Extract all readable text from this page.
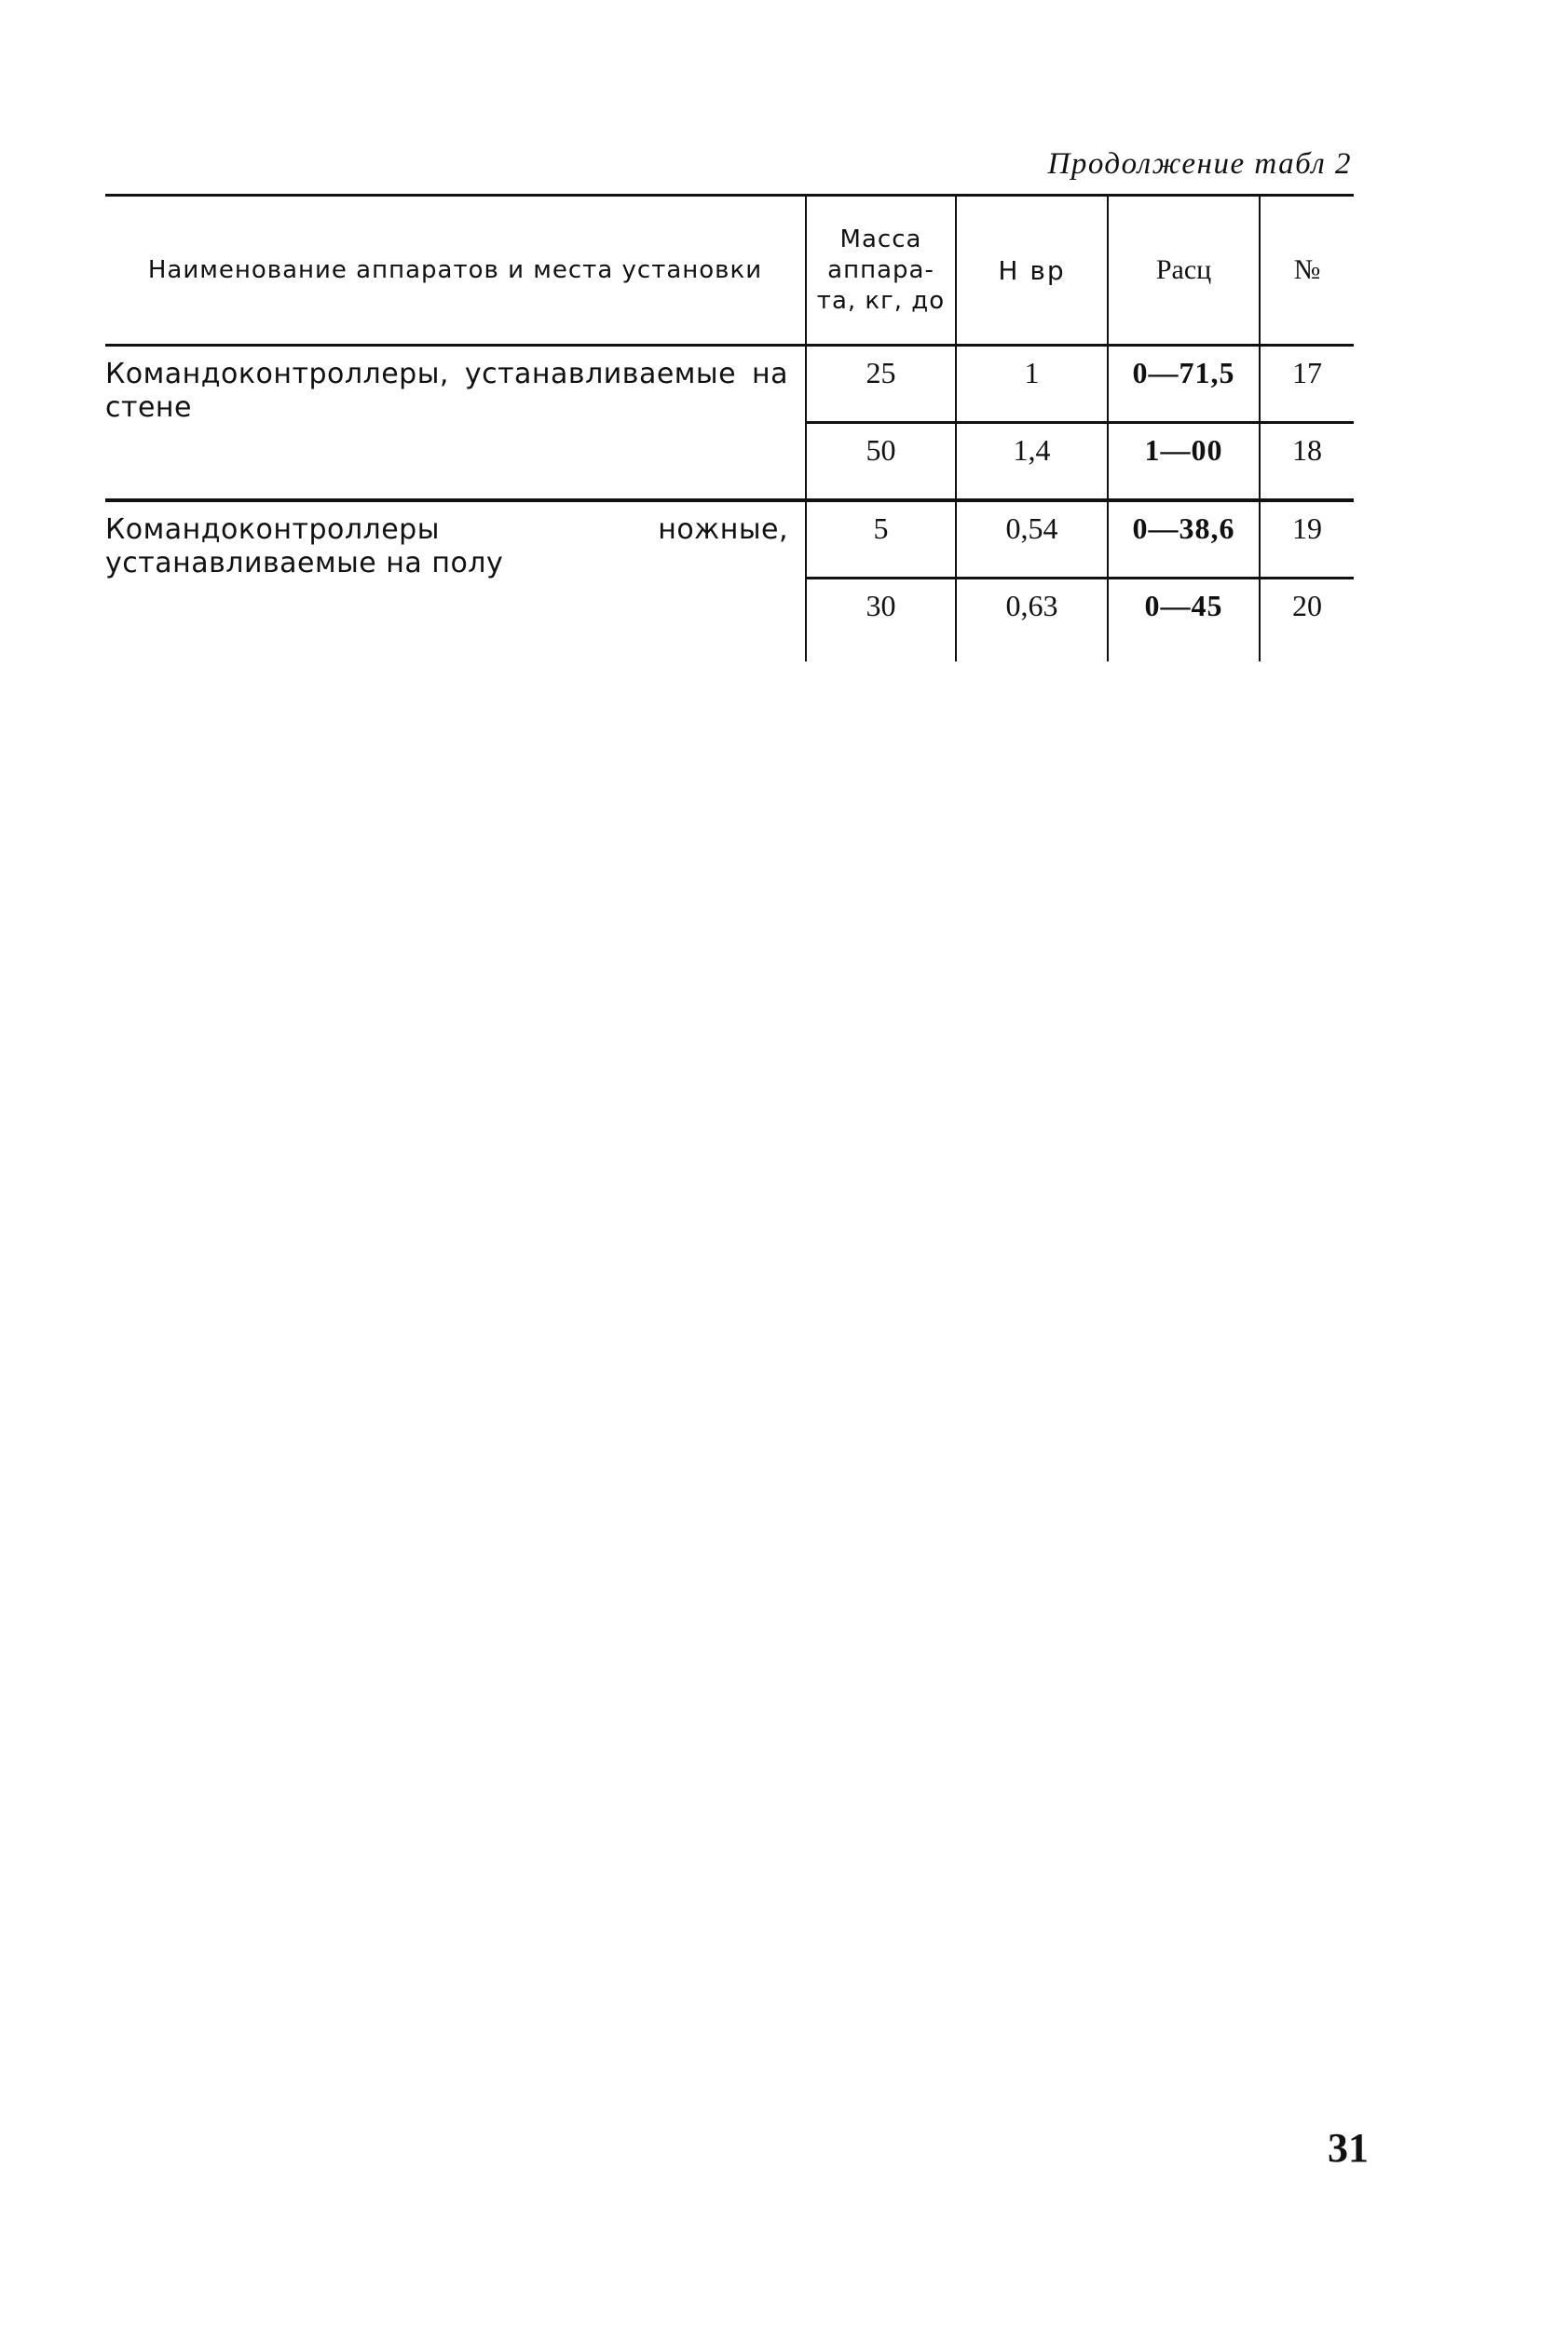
Продолжение табл 2
Наименование аппаратов и места установки	Масса аппара-та, кг, до	Н вр	Расц	№
Командоконтроллеры, устанавливаемые на стене	25	1	0—71,5	17
	50	1,4	1—00	18
Командоконтроллеры ножные, устанавливаемые на полу	5	0,54	0—38,6	19
	30	0,63	0—45	20
31
